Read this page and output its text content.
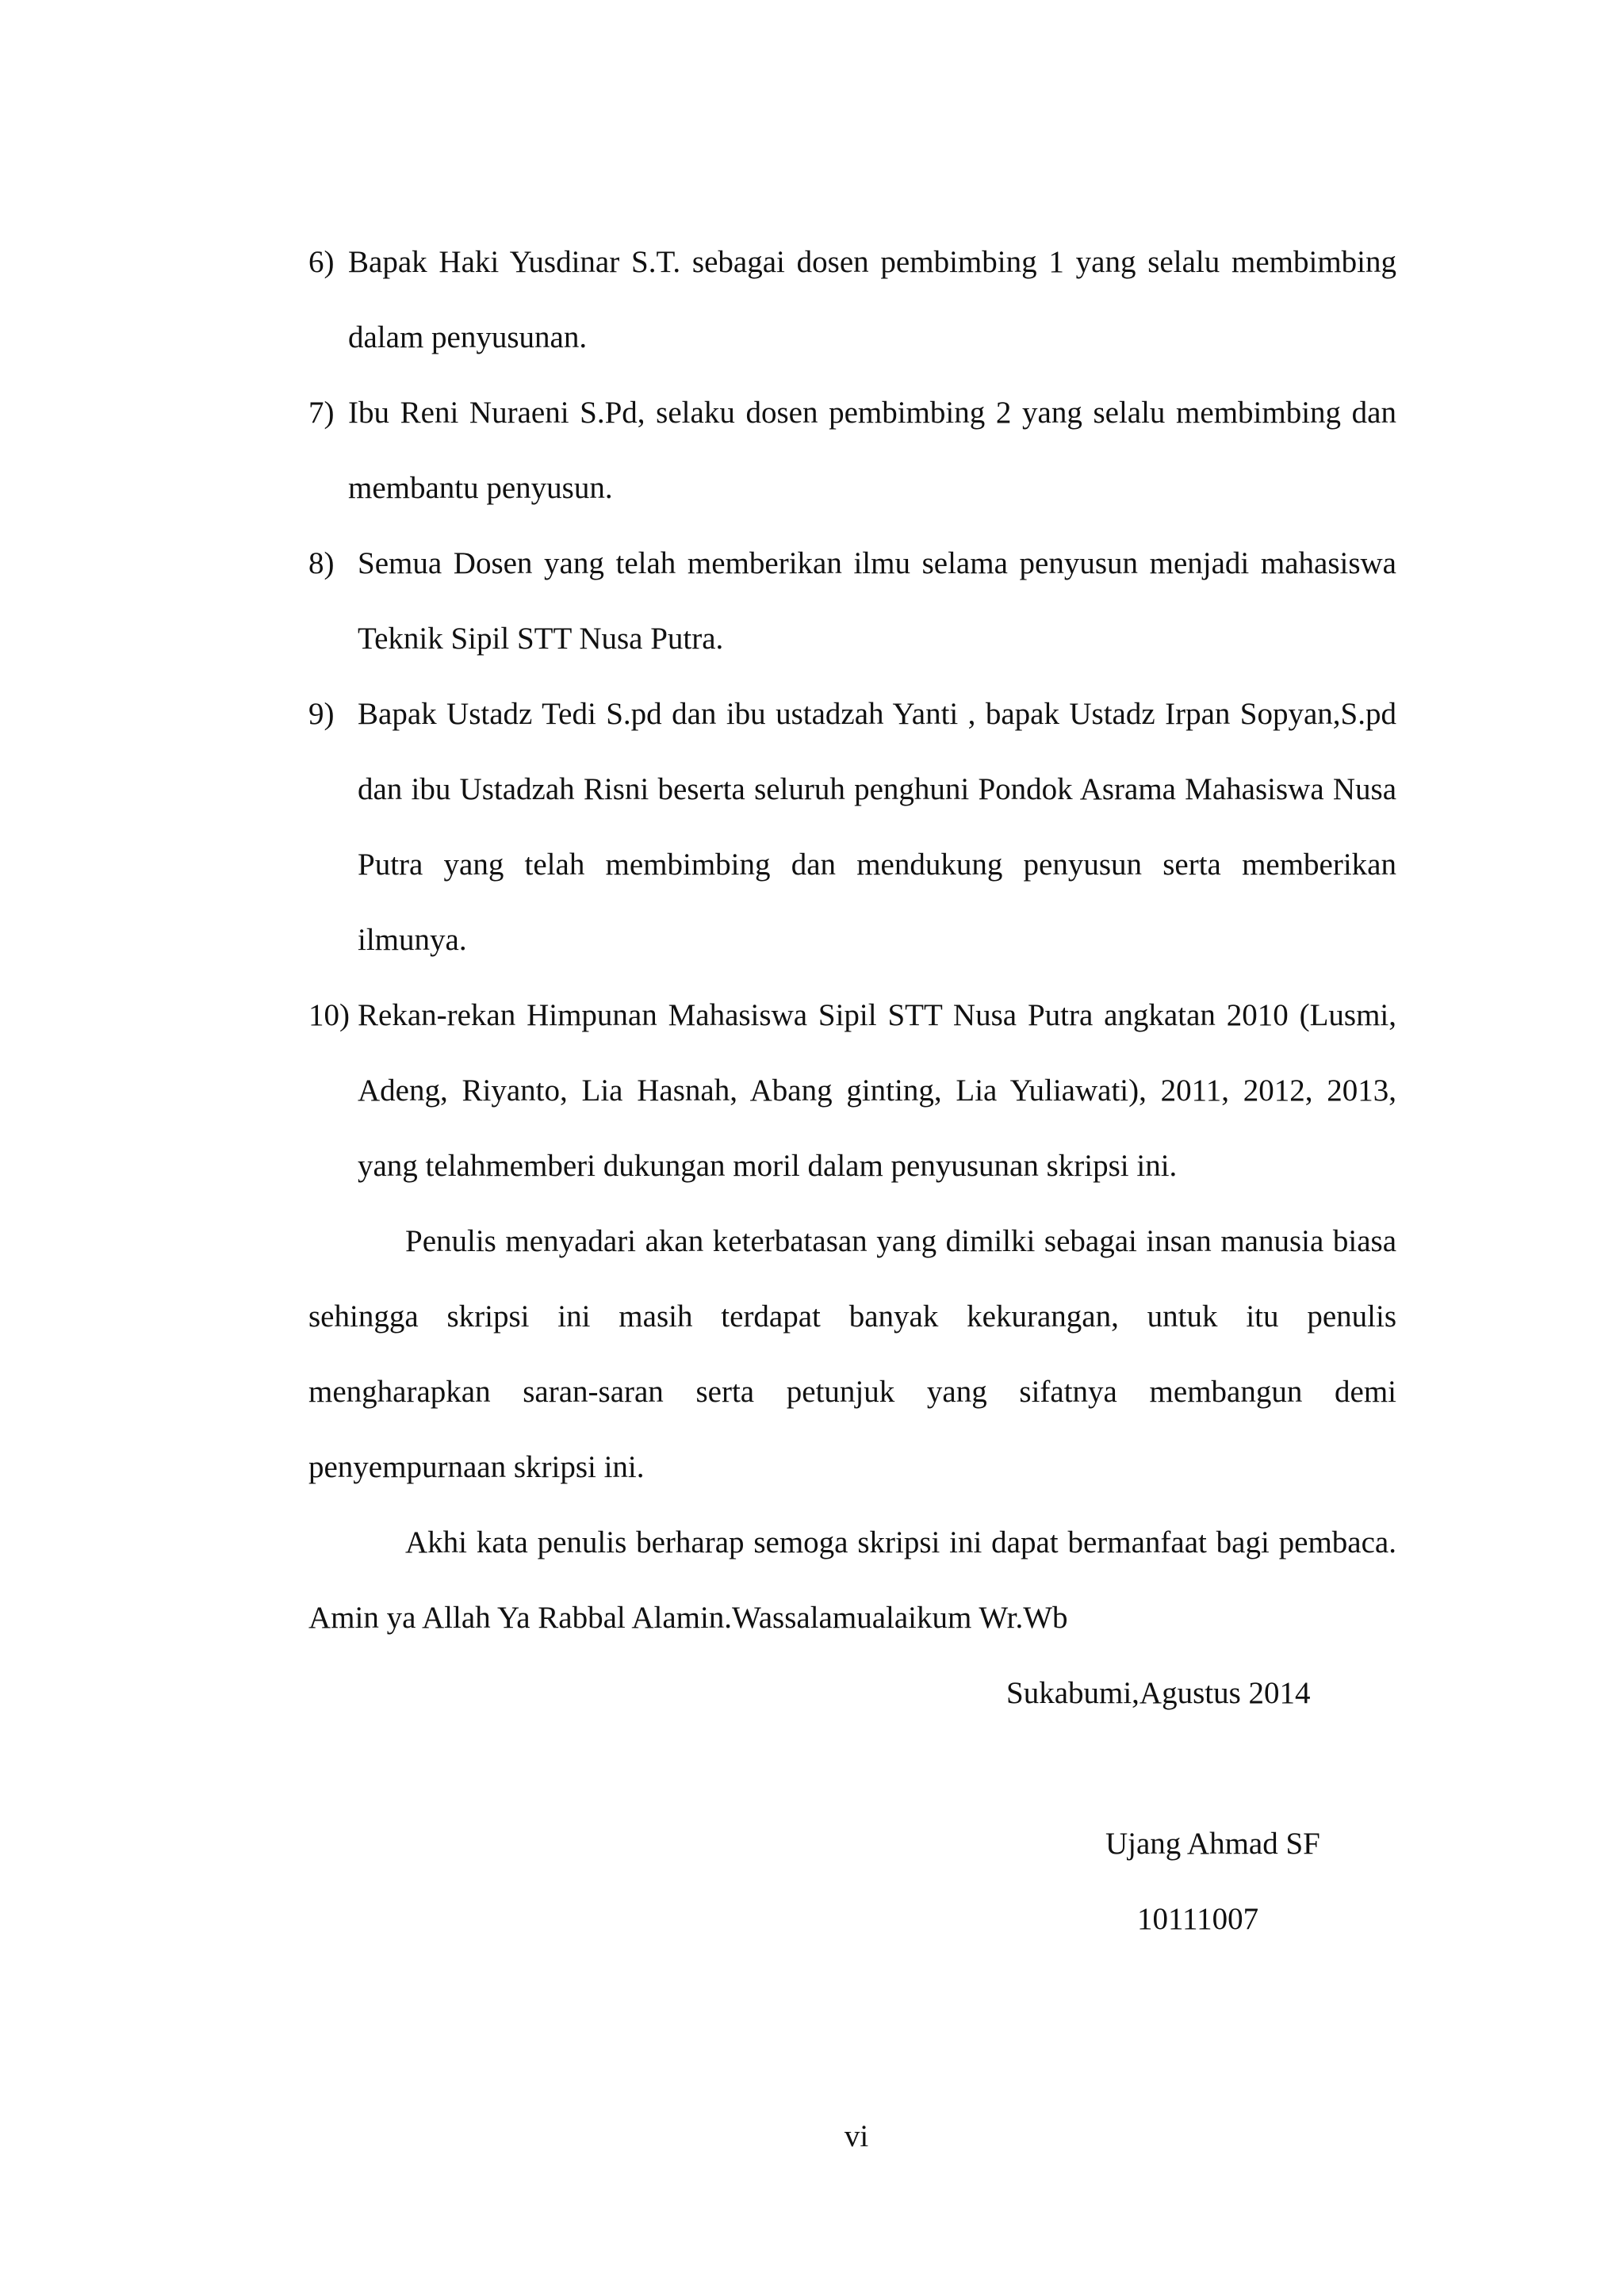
6) Bapak Haki Yusdinar S.T. sebagai dosen pembimbing 1 yang selalu membimbing dalam penyusunan.
7) Ibu Reni Nuraeni S.Pd, selaku dosen pembimbing 2 yang selalu membimbing dan membantu penyusun.
8) Semua Dosen yang telah memberikan ilmu selama penyusun menjadi mahasiswa Teknik Sipil STT Nusa Putra.
9) Bapak Ustadz Tedi S.pd dan ibu ustadzah Yanti , bapak Ustadz Irpan Sopyan,S.pd dan ibu Ustadzah Risni beserta seluruh penghuni Pondok Asrama Mahasiswa Nusa Putra yang telah membimbing dan mendukung penyusun serta memberikan ilmunya.
10) Rekan-rekan Himpunan Mahasiswa Sipil STT Nusa Putra angkatan 2010 (Lusmi, Adeng, Riyanto, Lia Hasnah, Abang ginting, Lia Yuliawati), 2011, 2012, 2013, yang telahmemberi dukungan moril dalam penyusunan skripsi ini.

Penulis menyadari akan keterbatasan yang dimilki sebagai insan manusia biasa sehingga skripsi ini masih terdapat banyak kekurangan, untuk itu penulis mengharapkan saran-saran serta petunjuk yang sifatnya membangun demi penyempurnaan skripsi ini.

Akhi kata penulis berharap semoga skripsi ini dapat bermanfaat bagi pembaca. Amin ya Allah Ya Rabbal Alamin.Wassalamualaikum Wr.Wb

Sukabumi,Agustus 2014

Ujang Ahmad SF

10111007

vi
